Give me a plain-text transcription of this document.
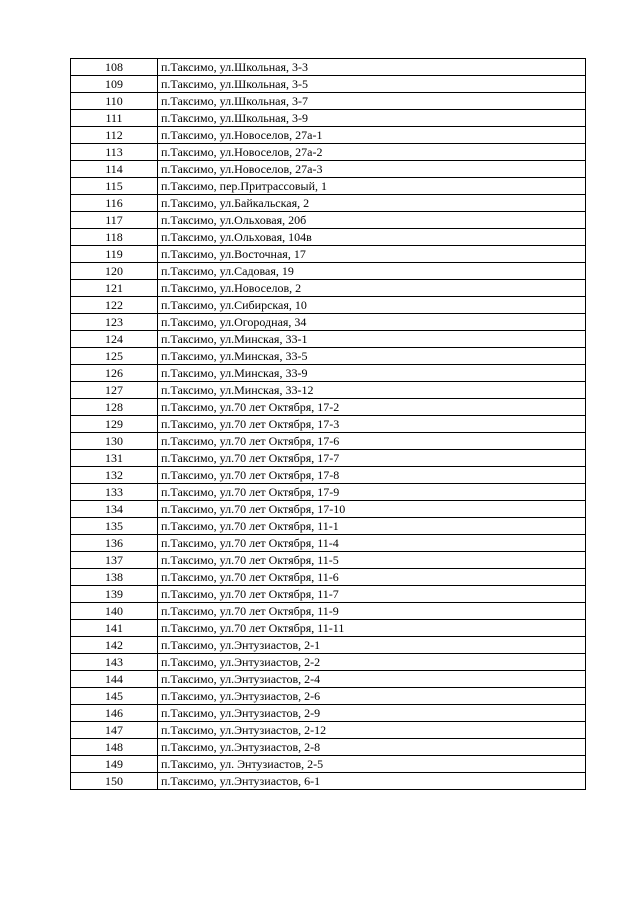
108	п.Таксимо, ул.Школьная, 3-3
109	п.Таксимо, ул.Школьная, 3-5
110	п.Таксимо, ул.Школьная, 3-7
111	п.Таксимо, ул.Школьная, 3-9
112	п.Таксимо, ул.Новоселов, 27а-1
113	п.Таксимо, ул.Новоселов, 27а-2
114	п.Таксимо, ул.Новоселов, 27а-3
115	п.Таксимо, пер.Притрассовый, 1
116	п.Таксимо, ул.Байкальская, 2
117	п.Таксимо, ул.Ольховая, 20б
118	п.Таксимо, ул.Ольховая, 104в
119	п.Таксимо, ул.Восточная, 17
120	п.Таксимо, ул.Садовая, 19
121	п.Таксимо, ул.Новоселов, 2
122	п.Таксимо, ул.Сибирская, 10
123	п.Таксимо, ул.Огородная, 34
124	п.Таксимо, ул.Минская, 33-1
125	п.Таксимо, ул.Минская, 33-5
126	п.Таксимо, ул.Минская, 33-9
127	п.Таксимо, ул.Минская, 33-12
128	п.Таксимо, ул.70 лет Октября, 17-2
129	п.Таксимо, ул.70 лет Октября, 17-3
130	п.Таксимо, ул.70 лет Октября, 17-6
131	п.Таксимо, ул.70 лет Октября, 17-7
132	п.Таксимо, ул.70 лет Октября, 17-8
133	п.Таксимо, ул.70 лет Октября, 17-9
134	п.Таксимо, ул.70 лет Октября, 17-10
135	п.Таксимо, ул.70 лет Октября, 11-1
136	п.Таксимо, ул.70 лет Октября, 11-4
137	п.Таксимо, ул.70 лет Октября, 11-5
138	п.Таксимо, ул.70 лет Октября, 11-6
139	п.Таксимо, ул.70 лет Октября, 11-7
140	п.Таксимо, ул.70 лет Октября, 11-9
141	п.Таксимо, ул.70 лет Октября, 11-11
142	п.Таксимо, ул.Энтузиастов, 2-1
143	п.Таксимо, ул.Энтузиастов, 2-2
144	п.Таксимо, ул.Энтузиастов, 2-4
145	п.Таксимо, ул.Энтузиастов, 2-6
146	п.Таксимо, ул.Энтузиастов, 2-9
147	п.Таксимо, ул.Энтузиастов, 2-12
148	п.Таксимо, ул.Энтузиастов, 2-8
149	п.Таксимо, ул. Энтузиастов, 2-5
150	п.Таксимо, ул.Энтузиастов, 6-1
